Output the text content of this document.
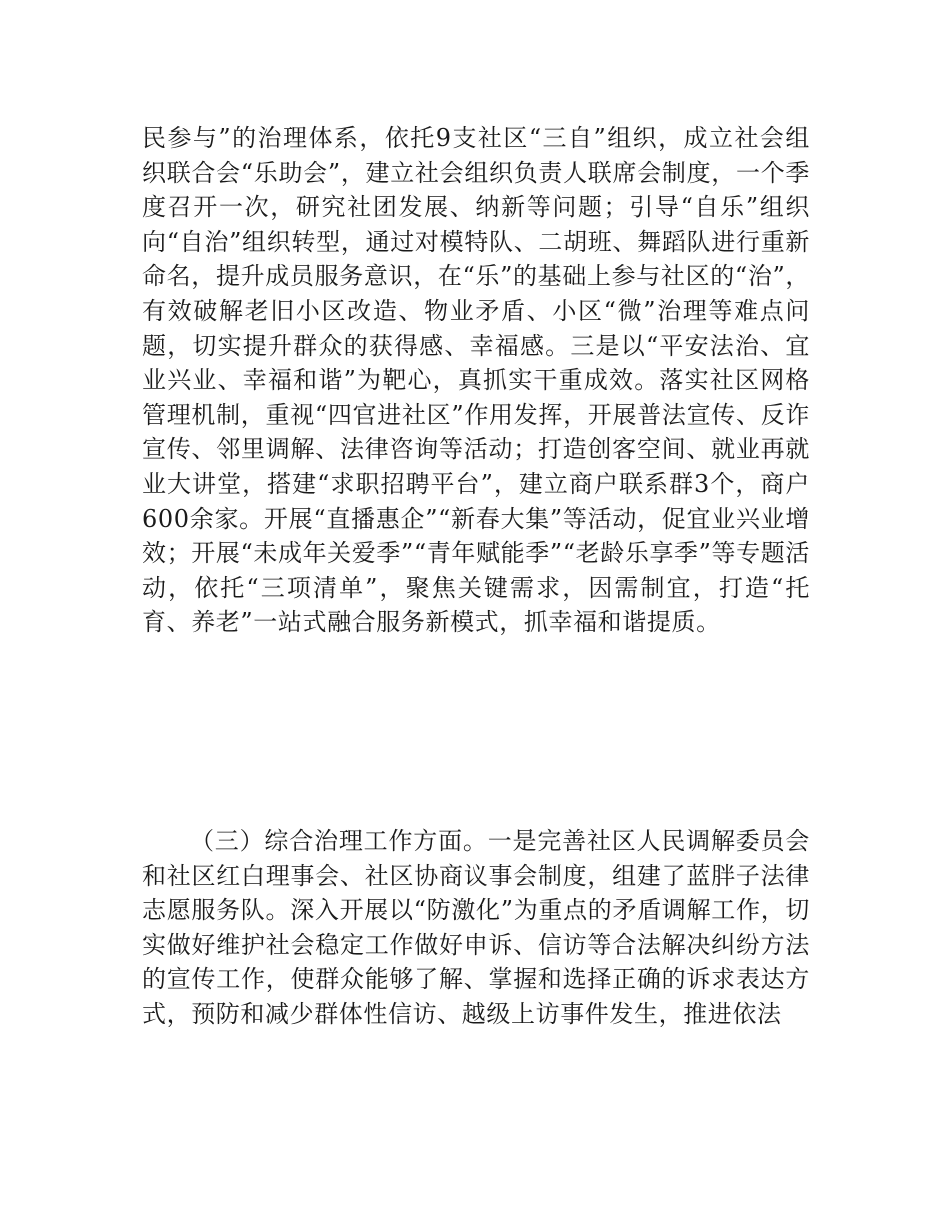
民参与”的治理体系，依托9支社区“三自”组织，成立社会组织联合会“乐助会”，建立社会组织负责人联席会制度，一个季度召开一次，研究社团发展、纳新等问题；引导“自乐”组织向“自治”组织转型，通过对模特队、二胡班、舞蹈队进行重新命名，提升成员服务意识，在“乐”的基础上参与社区的“治”，有效破解老旧小区改造、物业矛盾、小区“微”治理等难点问题，切实提升群众的获得感、幸福感。三是以“平安法治、宜业兴业、幸福和谐”为靶心，真抓实干重成效。落实社区网格管理机制，重视“四官进社区”作用发挥，开展普法宣传、反诈宣传、邻里调解、法律咨询等活动；打造创客空间、就业再就业大讲堂，搭建“求职招聘平台”，建立商户联系群3个，商户600余家。开展“直播惠企”“新春大集”等活动，促宜业兴业增效；开展“未成年关爱季”“青年赋能季”“老龄乐享季”等专题活动，依托“三项清单”，聚焦关键需求，因需制宜，打造“托育、养老”一站式融合服务新模式，抓幸福和谐提质。

（三）综合治理工作方面。一是完善社区人民调解委员会和社区红白理事会、社区协商议事会制度，组建了蓝胖子法律志愿服务队。深入开展以“防激化”为重点的矛盾调解工作，切实做好维护社会稳定工作做好申诉、信访等合法解决纠纷方法的宣传工作，使群众能够了解、掌握和选择正确的诉求表达方式，预防和减少群体性信访、越级上访事件发生，推进依法
